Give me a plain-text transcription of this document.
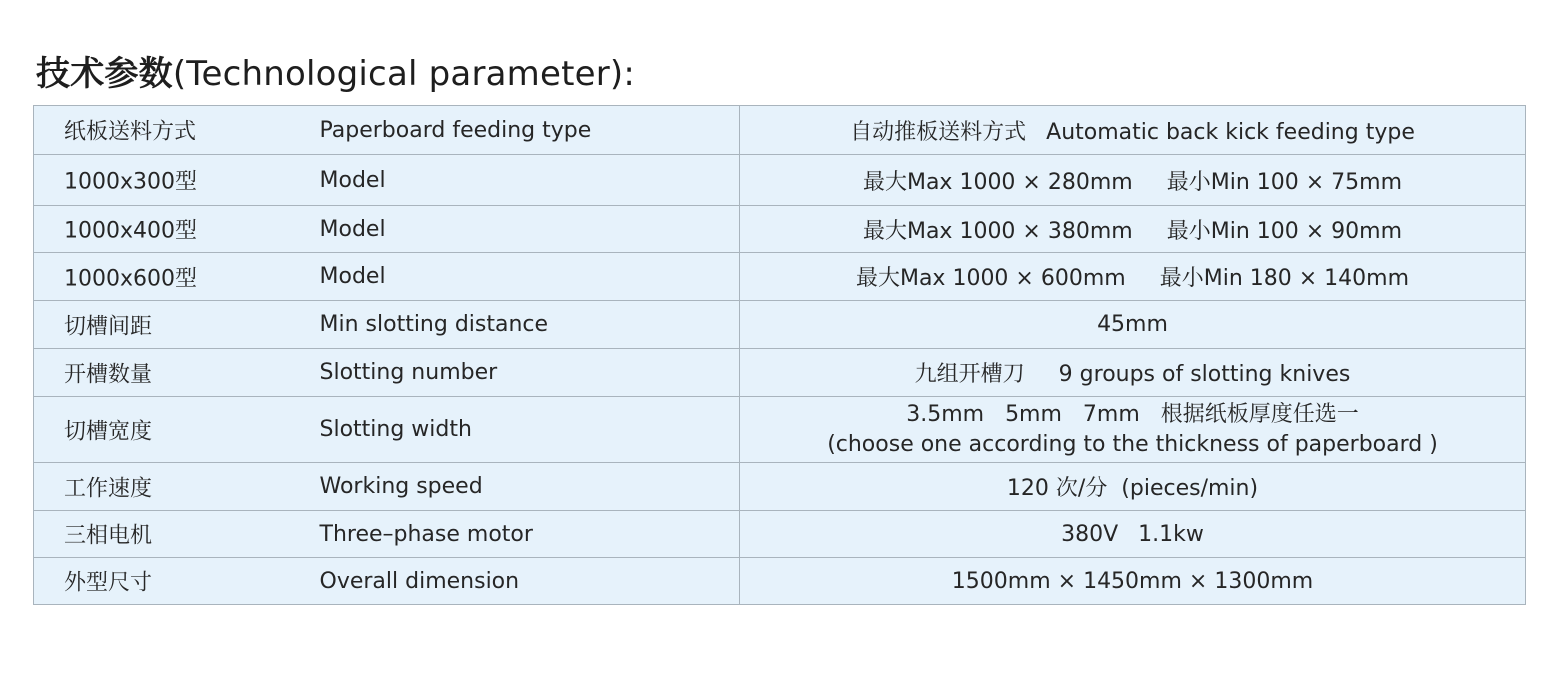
技术参数(Technological parameter):
纸板送料方式	Paperboard feeding type	自动推板送料方式 Automatic back kick feeding type

1000x300型	Model	最大Max 1000 × 280mm 最小Min 100 × 75mm

1000x400型	Model	最大Max 1000 × 380mm 最小Min 100 × 90mm

1000x600型	Model	最大Max 1000 × 600mm 最小Min 180 × 140mm

切槽间距	Min slotting distance	45mm

开槽数量	Slotting number	九组开槽刀 9 groups of slotting knives

切槽宽度	Slotting width	3.5mm   5mm   7mm   根据纸板厚度任选一
(choose one according to the thickness of paperboard )

工作速度	Working speed	120 次/分  (pieces/min)

三相电机	Three–phase motor	380V 1.1kw

外型尺寸	Overall dimension	1500mm × 1450mm × 1300mm
